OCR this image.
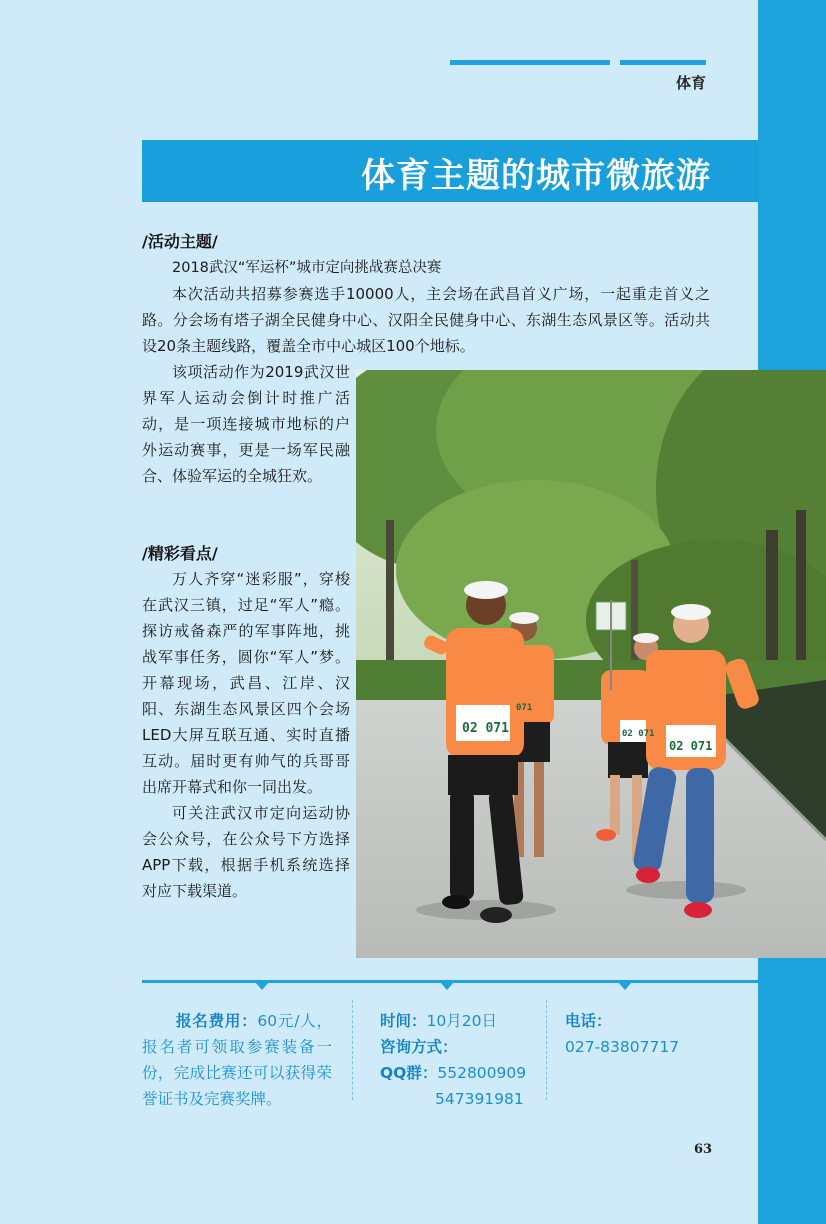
体育
体育主题的城市微旅游
/活动主题/

2018武汉“军运杯”城市定向挑战赛总决赛

本次活动共招募参赛选手10000人，主会场在武昌首义广场，一起重走首义之路。分会场有塔子湖全民健身中心、汉阳全民健身中心、东湖生态风景区等。活动共设20条主题线路，覆盖全市中心城区100个地标。

该项活动作为2019武汉世界军人运动会倒计时推广活动，是一项连接城市地标的户外运动赛事，更是一场军民融合、体验军运的全城狂欢。

/精彩看点/

万人齐穿“迷彩服”，穿梭在武汉三镇，过足“军人”瘾。探访戒备森严的军事阵地，挑战军事任务，圆你“军人”梦。开幕现场，武昌、江岸、汉阳、东湖生态风景区四个会场LED大屏互联互通、实时直播互动。届时更有帅气的兵哥哥出席开幕式和你一同出发。

可关注武汉市定向运动协会公众号，在公众号下方选择APP下载，根据手机系统选择对应下载渠道。

02 071
02 071
02 071
071
报名费用：60元/人，报名者可领取参赛装备一份，完成比赛还可以获得荣誉证书及完赛奖牌。
时间：10月20日
咨询方式：
QQ群：552800909
547391981
电话：
027-83807717
63
